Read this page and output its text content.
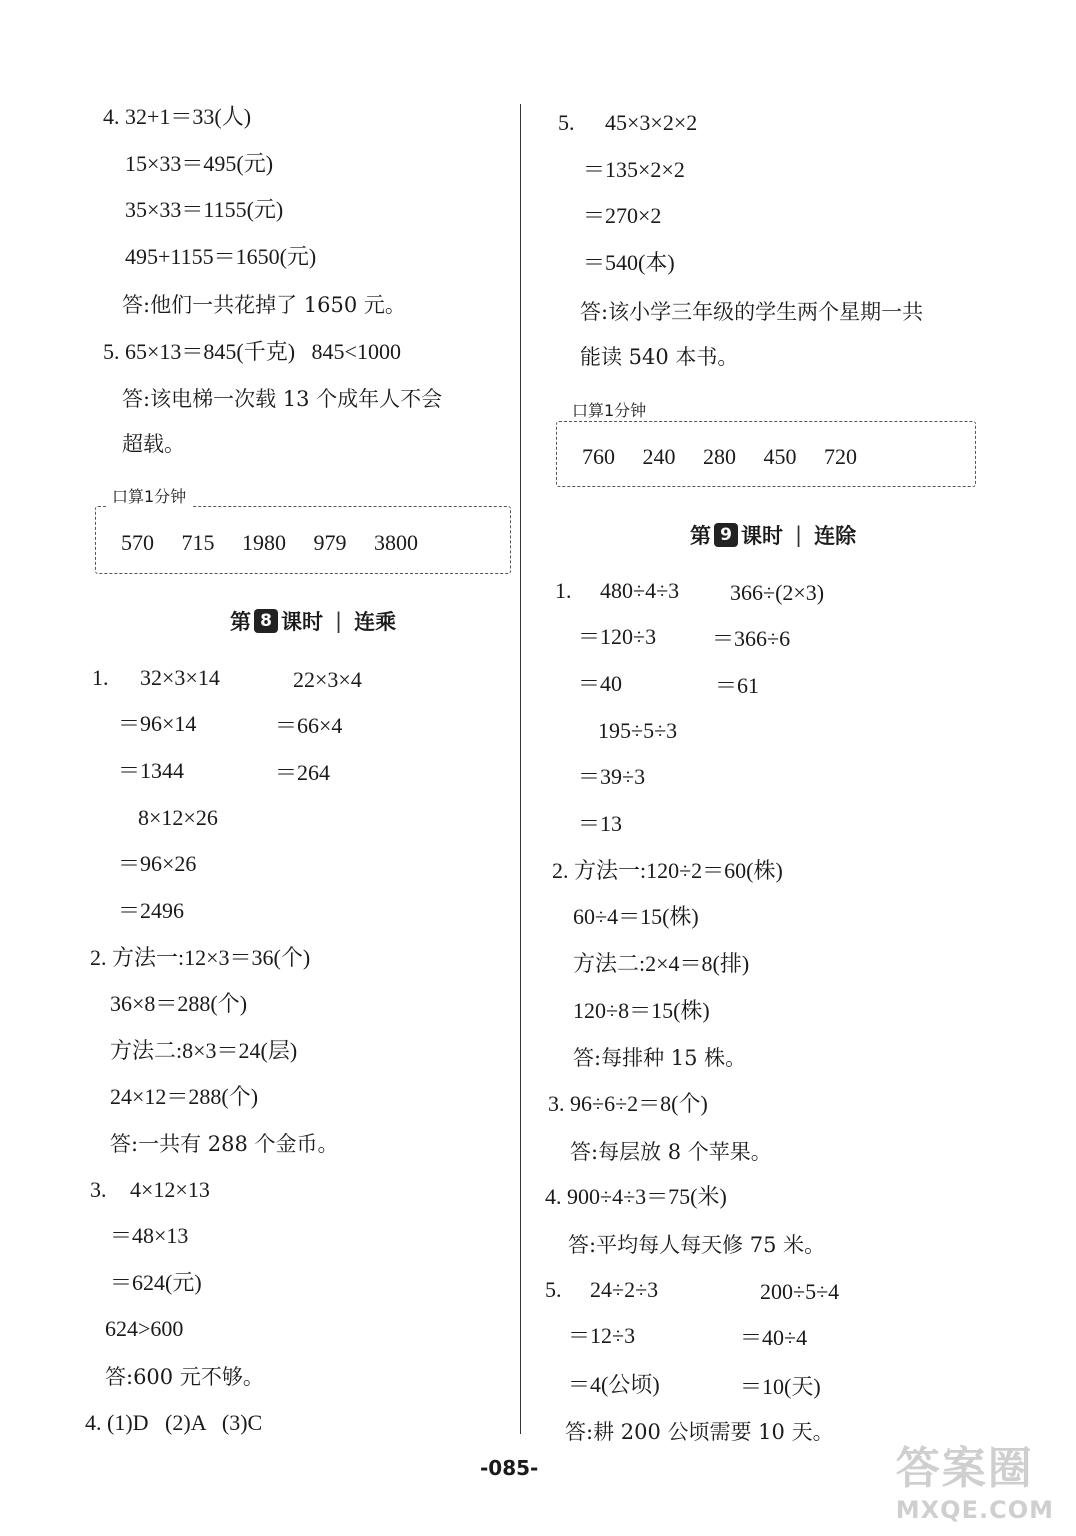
4. 32+1＝33(人)
15×33＝495(元)
35×33＝1155(元)
495+1155＝1650(元)
答:他们一共花掉了 1650 元。
5. 65×13＝845(千克)   845<1000
答:该电梯一次载 13 个成年人不会
超载。
口算1分钟
570 715 1980 979 3800
第 8 课时 | 连乘
1. 32×3×14	22×3×4
＝96×14	＝66×4
＝1344	＝264
8×12×26
＝96×26
＝2496
2. 方法一:12×3＝36(个)
36×8＝288(个)
方法二:8×3＝24(层)
24×12＝288(个)
答:一共有 288 个金币。
3. 4×12×13
＝48×13
＝624(元)
624>600
答:600 元不够。
4. (1)D   (2)A   (3)C
5. 45×3×2×2
＝135×2×2
＝270×2
＝540(本)
答:该小学三年级的学生两个星期一共
能读 540 本书。
口算1分钟
760 240 280 450 720
第 9 课时 | 连除
1. 480÷4÷3 366÷(2×3)
＝120÷3	＝366÷6
＝40	＝61
195÷5÷3
＝39÷3
＝13
2. 方法一:120÷2＝60(株)
60÷4＝15(株)
方法二:2×4＝8(排)
120÷8＝15(株)
答:每排种 15 株。
3. 96÷6÷2＝8(个)
答:每层放 8 个苹果。
4. 900÷4÷3＝75(米)
答:平均每人每天修 75 米。
5. 24÷2÷3	200÷5÷4
＝12÷3	＝40÷4
＝4(公顷)	＝10(天)
答:耕 200 公顷需要 10 天。
-085-	答案圈
MXQE.COM
